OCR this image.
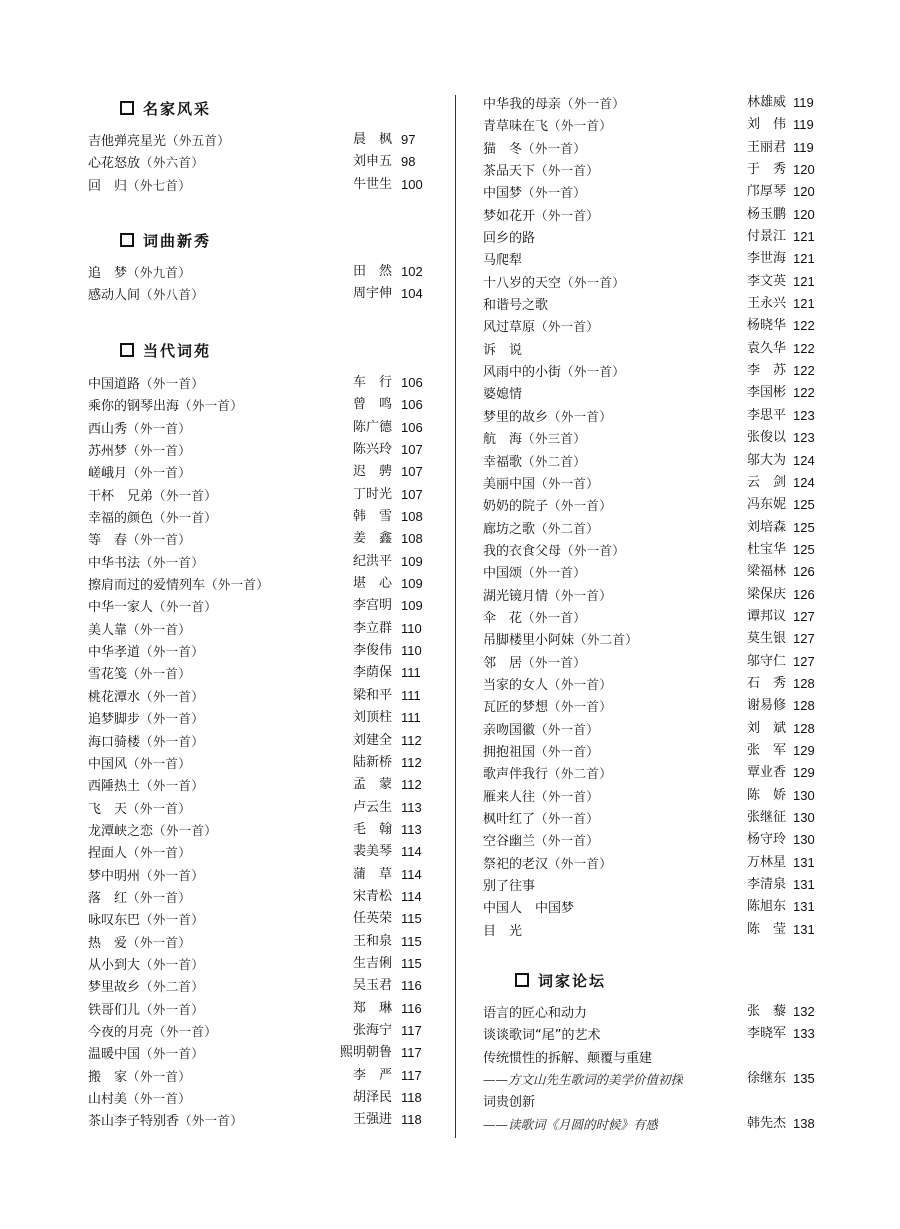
名家风采
吉他弹亮星光（外五首）	晨　枫 97
心花怒放（外六首）	刘申五 98
回　归（外七首）	牛世生 100
词曲新秀
追　梦（外九首）	田　然 102
感动人间（外八首）	周宇伸 104
当代词苑
中国道路（外一首）	车　行 106
乘你的钢琴出海（外一首）	曾　鸣 106
西山秀（外一首）	陈广德 106
苏州梦（外一首）	陈兴玲 107
嵯峨月（外一首）	迟　骋 107
干杯　兄弟（外一首）	丁时光 107
幸福的颜色（外一首）	韩　雪 108
等　春（外一首）	姜　鑫 108
中华书法（外一首）	纪洪平 109
擦肩而过的爱情列车（外一首）	堪　心 109
中华一家人（外一首）	李宫明 109
美人靠（外一首）	李立群 110
中华孝道（外一首）	李俊伟 110
雪花笺（外一首）	李荫保 111
桃花潭水（外一首）	梁和平 111
追梦脚步（外一首）	刘顶柱 111
海口骑楼（外一首）	刘建全 112
中国风（外一首）	陆新桥 112
西陲热土（外一首）	孟　蒙 112
飞　天（外一首）	卢云生 113
龙潭峡之恋（外一首）	毛　翰 113
捏面人（外一首）	裴美琴 114
梦中明州（外一首）	蒲　草 114
落　红（外一首）	宋青松 114
咏叹东巴（外一首）	任英荣 115
热　爱（外一首）	王和泉 115
从小到大（外一首）	生吉俐 115
梦里故乡（外二首）	吴玉君 116
铁哥们儿（外一首）	郑　琳 116
今夜的月亮（外一首）	张海宁 117
温暖中国（外一首）	熙明朝鲁 117
搬　家（外一首）	李　严 117
山村美（外一首）	胡泽民 118
茶山李子特别香（外一首）	王强进 118
中华我的母亲（外一首）	林雄威 119
青草味在飞（外一首）	刘　伟 119
猫　冬（外一首）	王丽君 119
茶品天下（外一首）	于　秀 120
中国梦（外一首）	邝厚琴 120
梦如花开（外一首）	杨玉鹏 120
回乡的路	付景江 121
马爬犁	李世海 121
十八岁的天空（外一首）	李文英 121
和谐号之歌	王永兴 121
风过草原（外一首）	杨晓华 122
诉　说	袁久华 122
风雨中的小街（外一首）	李　苏 122
婆媳情	李国彬 122
梦里的故乡（外一首）	李思平 123
航　海（外三首）	张俊以 123
幸福歌（外二首）	邬大为 124
美丽中国（外一首）	云　剑 124
奶奶的院子（外一首）	冯东妮 125
廊坊之歌（外二首）	刘培森 125
我的衣食父母（外一首）	杜宝华 125
中国颂（外一首）	梁福林 126
湖光镜月情（外一首）	梁保庆 126
伞　花（外一首）	谭邦议 127
吊脚楼里小阿妹（外二首）	莫生银 127
邻　居（外一首）	邬守仁 127
当家的女人（外一首）	石　秀 128
瓦匠的梦想（外一首）	谢易修 128
亲吻国徽（外一首）	刘　斌 128
拥抱祖国（外一首）	张　军 129
歌声伴我行（外二首）	覃业香 129
雁来人往（外一首）	陈　娇 130
枫叶红了（外一首）	张继征 130
空谷幽兰（外一首）	杨守玲 130
祭祀的老汉（外一首）	万林星 131
别了往事	李清泉 131
中国人　中国梦	陈旭东 131
目　光	陈　莹 131
词家论坛
语言的匠心和动力	张　藜 132
谈谈歌词“尾”的艺术	李晓军 133
传统惯性的拆解、颠覆与重建
——方文山先生歌词的美学价值初探	徐继东 135
词贵创新
——读歌词《月圆的时候》有感	韩先杰 138
